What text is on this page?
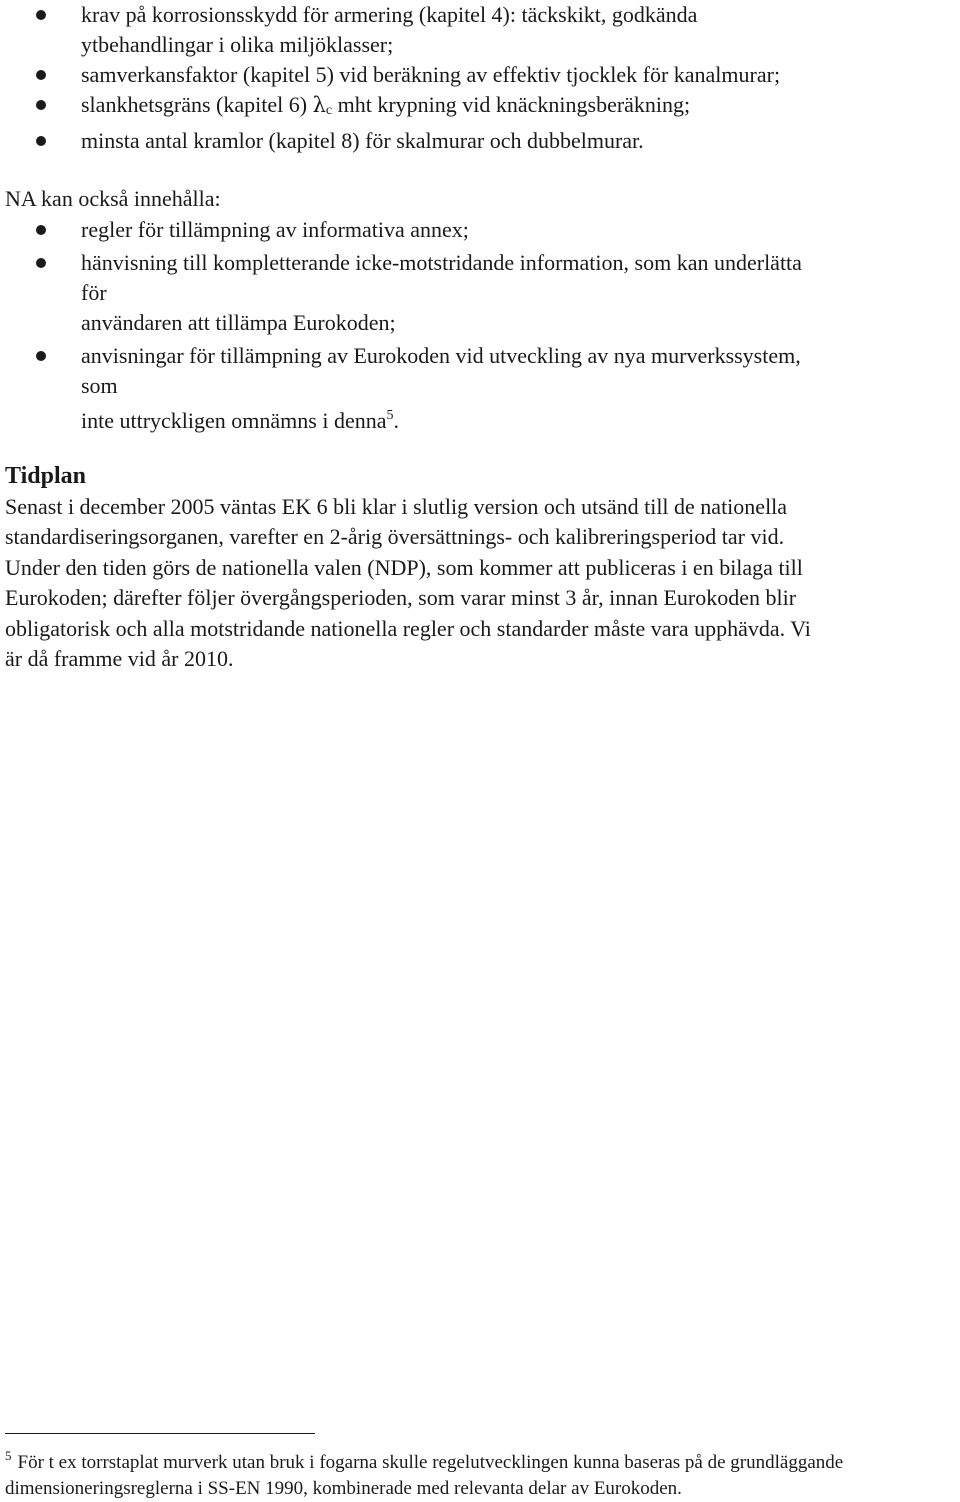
krav på korrosionsskydd för armering (kapitel 4): täckskikt, godkända
ytbehandlingar i olika miljöklasser;
samverkansfaktor (kapitel 5) vid beräkning av effektiv tjocklek för kanalmurar;
slankhetsgräns (kapitel 6) λc mht krypning vid knäckningsberäkning;
minsta antal kramlor (kapitel 8) för skalmurar och dubbelmurar.

NA kan också innehålla:

regler för tillämpning av informativa annex;
hänvisning till kompletterande icke-motstridande information, som kan underlätta
för
användaren att tillämpa Eurokoden;
anvisningar för tillämpning av Eurokoden vid utveckling av nya murverkssystem,
som
inte uttryckligen omnämns i denna$^5$.
Tidplan

Senast i december 2005 väntas EK 6 bli klar i slutlig version och utsänd till de nationella
standardiseringsorganen, varefter en 2-årig översättnings- och kalibreringsperiod tar vid.
Under den tiden görs de nationella valen (NDP), som kommer att publiceras i en bilaga till
Eurokoden; därefter följer övergångsperioden, som varar minst 3 år, innan Eurokoden blir
obligatorisk och alla motstridande nationella regler och standarder måste vara upphävda. Vi
är då framme vid år 2010.

$^5$ För t ex torrstaplat murverk utan bruk i fogarna skulle regelutvecklingen kunna baseras på de grundläggande
dimensioneringsreglerna i SS-EN 1990, kombinerade med relevanta delar av Eurokoden.
